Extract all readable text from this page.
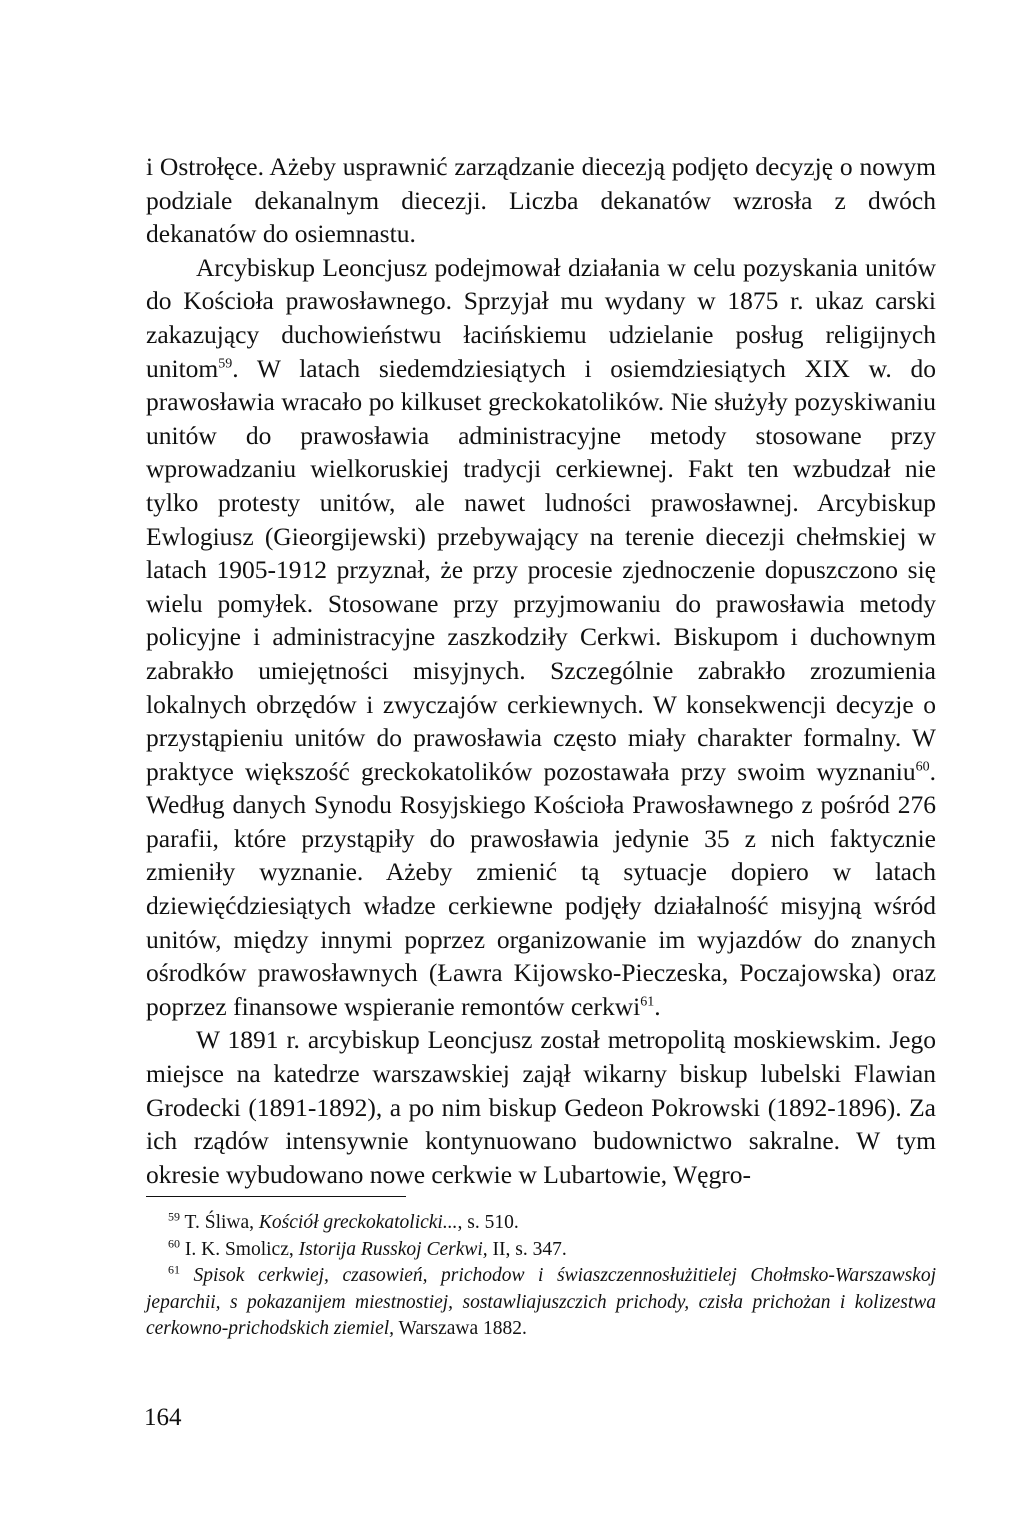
i Ostrołęce. Ażeby usprawnić zarządzanie diecezją podjęto decyzję o nowym podziale dekanalnym diecezji. Liczba dekanatów wzrosła z dwóch dekanatów do osiemnastu.

Arcybiskup Leoncjusz podejmował działania w celu pozyskania unitów do Kościoła prawosławnego. Sprzyjał mu wydany w 1875 r. ukaz carski zakazujący duchowieństwu łacińskiemu udzielanie posług religijnych unitom$^{59}$. W latach siedemdziesiątych i osiemdziesiątych XIX w. do prawosławia wracało po kilkuset greckokatolików. Nie służyły pozyskiwaniu unitów do prawosławia administracyjne metody stosowane przy wprowadzaniu wielkoruskiej tradycji cerkiewnej. Fakt ten wzbudzał nie tylko protesty unitów, ale nawet ludności prawosławnej. Arcybiskup Ewlogiusz (Gieorgijewski) przebywający na terenie diecezji chełmskiej w latach 1905-1912 przyznał, że przy procesie zjednoczenie dopuszczono się wielu pomyłek. Stosowane przy przyjmowaniu do prawosławia metody policyjne i administracyjne zaszkodziły Cerkwi. Biskupom i duchownym zabrakło umiejętności misyjnych. Szczególnie zabrakło zrozumienia lokalnych obrzędów i zwyczajów cerkiewnych. W konsekwencji decyzje o przystąpieniu unitów do prawosławia często miały charakter formalny. W praktyce większość greckokatolików pozostawała przy swoim wyznaniu$^{60}$. Według danych Synodu Rosyjskiego Kościoła Prawosławnego z pośród 276 parafii, które przystąpiły do prawosławia jedynie 35 z nich faktycznie zmieniły wyznanie. Ażeby zmienić tą sytuacje dopiero w latach dziewięćdziesiątych władze cerkiewne podjęły działalność misyjną wśród unitów, między innymi poprzez organizowanie im wyjazdów do znanych ośrodków prawosławnych (Ławra Kijowsko-Pieczeska, Poczajowska) oraz poprzez finansowe wspieranie remontów cerkwi$^{61}$.

W 1891 r. arcybiskup Leoncjusz został metropolitą moskiewskim. Jego miejsce na katedrze warszawskiej zajął wikarny biskup lubelski Flawian Grodecki (1891-1892), a po nim biskup Gedeon Pokrowski (1892-1896). Za ich rządów intensywnie kontynuowano budownictwo sakralne. W tym okresie wybudowano nowe cerkwie w Lubartowie, Węgro-

$^{59}$ T. Śliwa, Kościół greckokatolicki..., s. 510.

$^{60}$ I. K. Smolicz, Istorija Russkoj Cerkwi, II, s. 347.

$^{61}$ Spisok cerkwiej, czasowień, prichodow i świaszczennosłużitielej Chołmsko-Warszawskoj jeparchii, s pokazanijem miestnostiej, sostawliajuszczich prichody, czisła prichożan i kolizestwa cerkowno-prichodskich ziemiel, Warszawa 1882.

164
